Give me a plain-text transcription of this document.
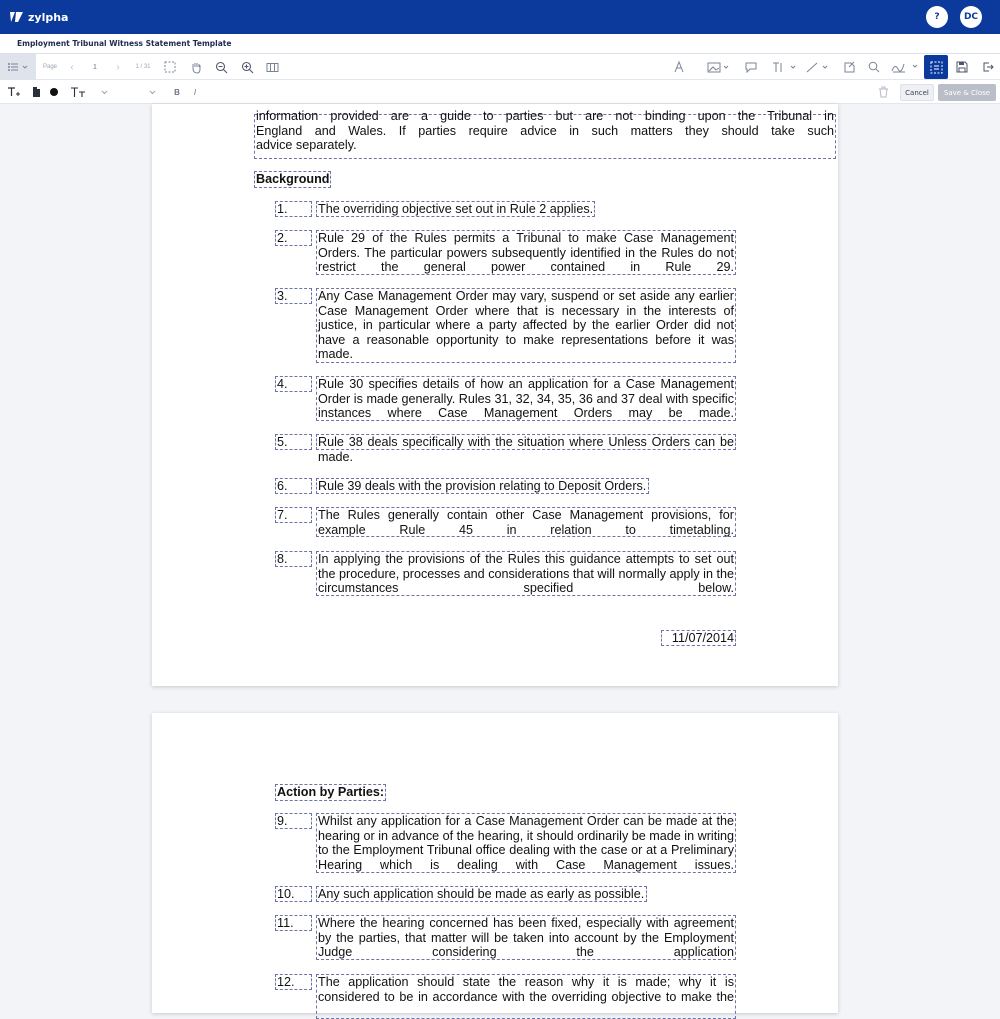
zylpha	?	DC
Employment Tribunal Witness Statement Template
Page	‹	1	›	1 / 31
B	I	Cancel	Save & Close
information provided are a guide to parties but are not binding upon the Tribunal in
England and Wales. If parties require advice in such matters they should take such
advice separately.
Background
1.	The overriding objective set out in Rule 2 applies.
2.	Rule 29 of the Rules permits a Tribunal to make Case Management Orders. The particular powers subsequently identified in the Rules do not restrict the general power contained in Rule 29.
3.	Any Case Management Order may vary, suspend or set aside any earlier Case Management Order where that is necessary in the interests of justice, in particular where a party affected by the earlier Order did not have a reasonable opportunity to make representations before it was made.
4.	Rule 30 specifies details of how an application for a Case Management Order is made generally. Rules 31, 32, 34, 35, 36 and 37 deal with specific instances where Case Management Orders may be made.
5.	Rule 38 deals specifically with the situation where Unless Orders can be made.
6.	Rule 39 deals with the provision relating to Deposit Orders.
7.	The Rules generally contain other Case Management provisions, for example Rule 45 in relation to timetabling.
8.	In applying the provisions of the Rules this guidance attempts to set out the procedure, processes and considerations that will normally apply in the circumstances specified below.
11/07/2014
Action by Parties:
9.	Whilst any application for a Case Management Order can be made at the hearing or in advance of the hearing, it should ordinarily be made in writing to the Employment Tribunal office dealing with the case or at a Preliminary Hearing which is dealing with Case Management issues.
10.	Any such application should be made as early as possible.
11.	Where the hearing concerned has been fixed, especially with agreement by the parties, that matter will be taken into account by the Employment Judge considering the application
12.	The application should state the reason why it is made; why it is considered to be in accordance with the overriding objective to make the
